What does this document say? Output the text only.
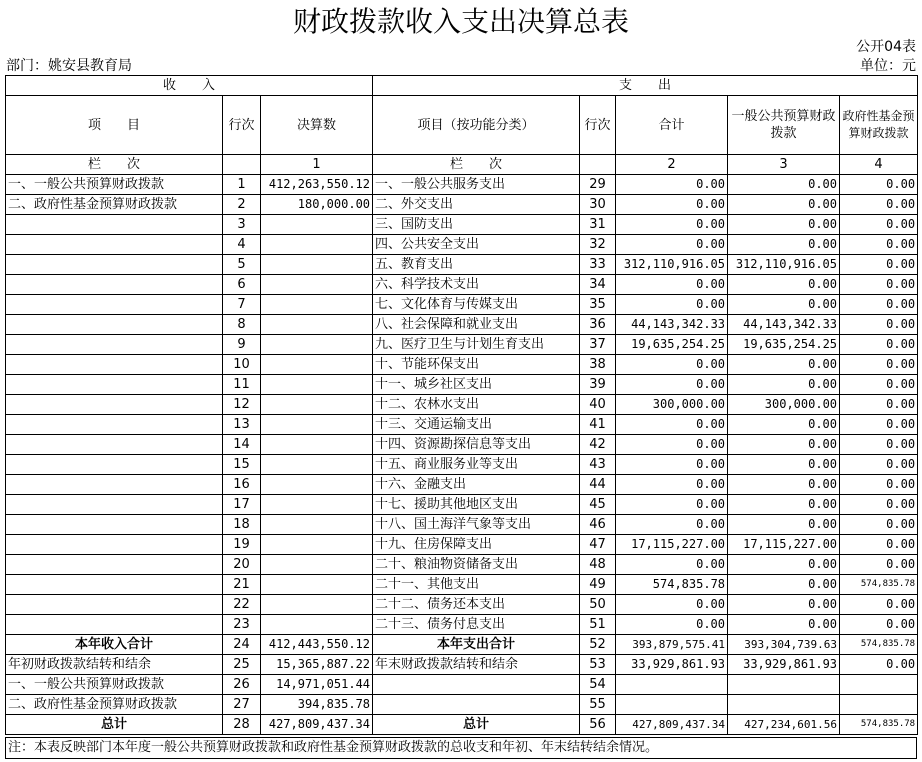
财政拨款收入支出决算总表
公开04表
部门：姚安县教育局	单位：元
收　　入			支　　出				
项　　目	行次	决算数	项目（按功能分类）	行次	合计	一般公共预算财政拨款	政府性基金预算财政拨款
栏　　次		1	栏　　次		2	3	4
一、一般公共预算财政拨款	1	412,263,550.12	一、一般公共服务支出	29	0.00	0.00	0.00
二、政府性基金预算财政拨款	2	180,000.00	二、外交支出	30	0.00	0.00	0.00
	3		三、国防支出	31	0.00	0.00	0.00
	4		四、公共安全支出	32	0.00	0.00	0.00
	5		五、教育支出	33	312,110,916.05	312,110,916.05	0.00
	6		六、科学技术支出	34	0.00	0.00	0.00
	7		七、文化体育与传媒支出	35	0.00	0.00	0.00
	8		八、社会保障和就业支出	36	44,143,342.33	44,143,342.33	0.00
	9		九、医疗卫生与计划生育支出	37	19,635,254.25	19,635,254.25	0.00
	10		十、节能环保支出	38	0.00	0.00	0.00
	11		十一、城乡社区支出	39	0.00	0.00	0.00
	12		十二、农林水支出	40	300,000.00	300,000.00	0.00
	13		十三、交通运输支出	41	0.00	0.00	0.00
	14		十四、资源勘探信息等支出	42	0.00	0.00	0.00
	15		十五、商业服务业等支出	43	0.00	0.00	0.00
	16		十六、金融支出	44	0.00	0.00	0.00
	17		十七、援助其他地区支出	45	0.00	0.00	0.00
	18		十八、国土海洋气象等支出	46	0.00	0.00	0.00
	19		十九、住房保障支出	47	17,115,227.00	17,115,227.00	0.00
	20		二十、粮油物资储备支出	48	0.00	0.00	0.00
	21		二十一、其他支出	49	574,835.78	0.00	574,835.78
	22		二十二、债务还本支出	50	0.00	0.00	0.00
	23		二十三、债务付息支出	51	0.00	0.00	0.00
本年收入合计	24	412,443,550.12	本年支出合计	52	393,879,575.41	393,304,739.63	574,835.78
年初财政拨款结转和结余	25	15,365,887.22	年末财政拨款结转和结余	53	33,929,861.93	33,929,861.93	0.00
一、一般公共预算财政拨款	26	14,971,051.44		54			
二、政府性基金预算财政拨款	27	394,835.78		55			
总计	28	427,809,437.34	总计	56	427,809,437.34	427,234,601.56	574,835.78
注：本表反映部门本年度一般公共预算财政拨款和政府性基金预算财政拨款的总收支和年初、年末结转结余情况。
